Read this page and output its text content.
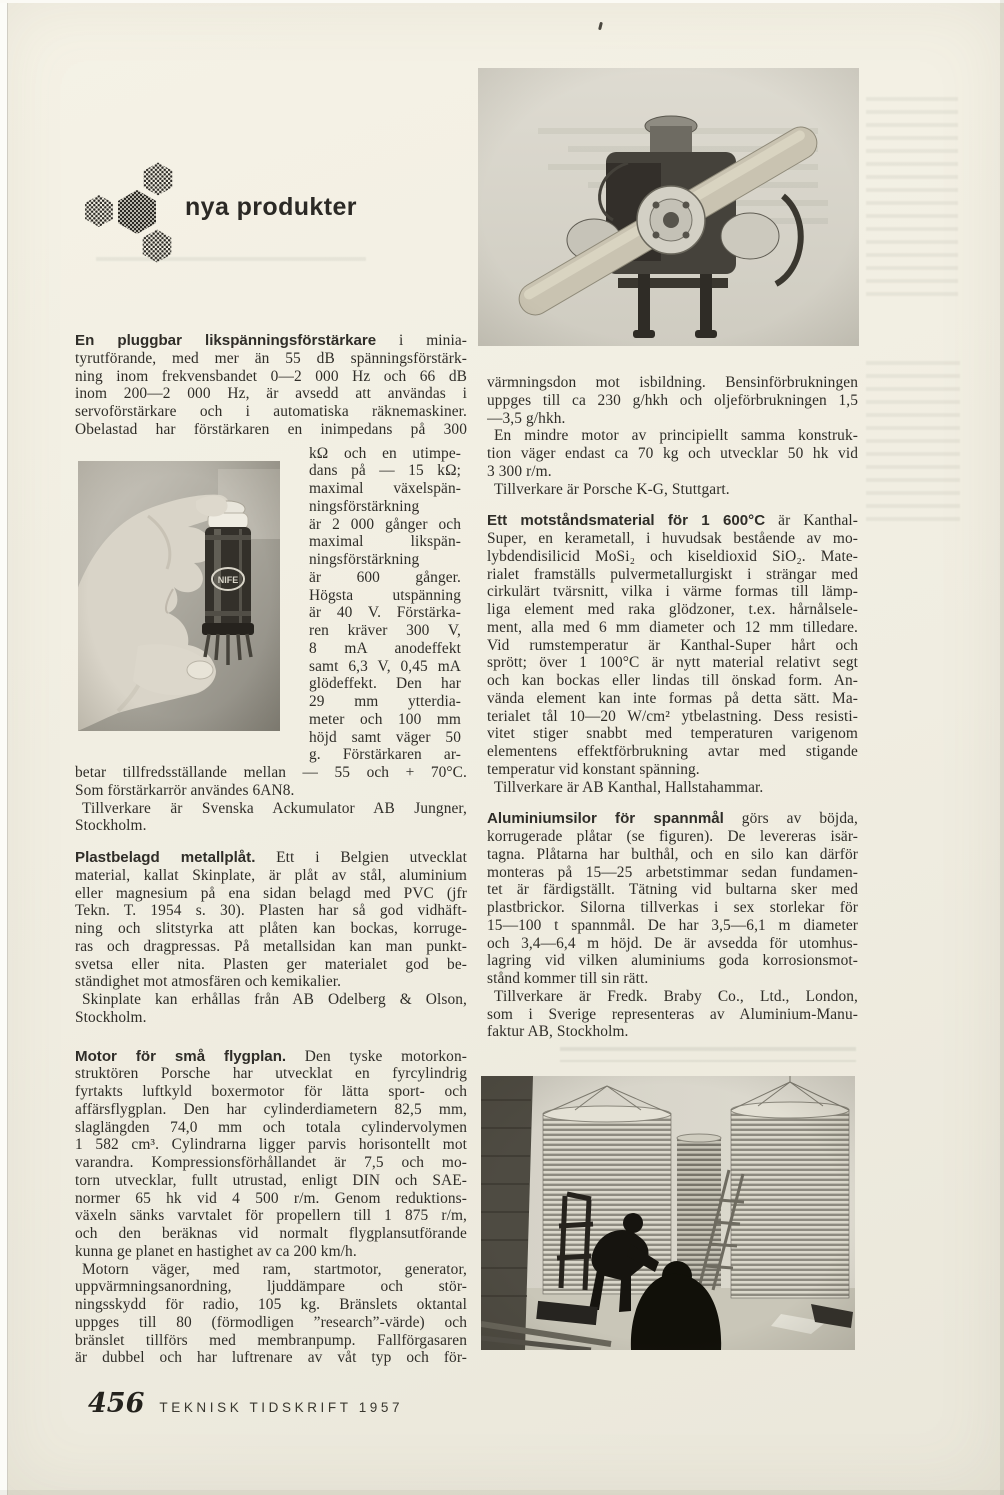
nya produkter
En pluggbar likspänningsförstärkare i minia-
tyrutförande, med mer än 55 dB spänningsförstärk-
ning inom frekvensbandet 0—2 000 Hz och 66 dB
inom 200—2 000 Hz, är avsedd att användas i
servoförstärkare och i automatiska räknemaskiner.
Obelastad har förstärkaren en inimpedans på 300
kΩ och en utimpe-
dans på — 15 kΩ;
maximal växelspän-
ningsförstärkning
är 2 000 gånger och
maximal likspän-
ningsförstärkning
är 600 gånger.
Högsta utspänning
är 40 V. Förstärka-
ren kräver 300 V,
8 mA anodeffekt
samt 6,3 V, 0,45 mA
glödeffekt. Den har
29 mm ytterdia-
meter och 100 mm
höjd samt väger 50
g. Förstärkaren ar-
betar tillfredsställande mellan — 55 och + 70°C.
Som förstärkarrör användes 6AN8.
Tillverkare är Svenska Ackumulator AB Jungner,
Stockholm.
Plastbelagd metallplåt. Ett i Belgien utvecklat
material, kallat Skinplate, är plåt av stål, aluminium
eller magnesium på ena sidan belagd med PVC (jfr
Tekn. T. 1954 s. 30). Plasten har så god vidhäft-
ning och slitstyrka att plåten kan bockas, korruge-
ras och dragpressas. På metallsidan kan man punkt-
svetsa eller nita. Plasten ger materialet god be-
ständighet mot atmosfären och kemikalier.
Skinplate kan erhållas från AB Odelberg & Olson,
Stockholm.
Motor för små flygplan. Den tyske motorkon-
struktören Porsche har utvecklat en fyrcylindrig
fyrtakts luftkyld boxermotor för lätta sport- och
affärsflygplan. Den har cylinderdiametern 82,5 mm,
slaglängden 74,0 mm och totala cylindervolymen
1 582 cm³. Cylindrarna ligger parvis horisontellt mot
varandra. Kompressionsförhållandet är 7,5 och mo-
torn utvecklar, fullt utrustad, enligt DIN och SAE-
normer 65 hk vid 4 500 r/m. Genom reduktions-
växeln sänks varvtalet för propellern till 1 875 r/m,
och den beräknas vid normalt flygplansutförande
kunna ge planet en hastighet av ca 200 km/h.
Motorn väger, med ram, startmotor, generator,
uppvärmningsanordning, ljuddämpare och stör-
ningsskydd för radio, 105 kg. Bränslets oktantal
uppges till 80 (förmodligen ”research”-värde) och
bränslet tillförs med membranpump. Fallförgasaren
är dubbel och har luftrenare av våt typ och för-
värmningsdon mot isbildning. Bensinförbrukningen
uppges till ca 230 g/hkh och oljeförbrukningen 1,5
—3,5 g/hkh.
En mindre motor av principiellt samma konstruk-
tion väger endast ca 70 kg och utvecklar 50 hk vid
3 300 r/m.
Tillverkare är Porsche K-G, Stuttgart.
Ett motståndsmaterial för 1 600°C är Kanthal-
Super, en kerametall, i huvudsak bestående av mo-
lybdendisilicid MoSi₂ och kiseldioxid SiO₂. Mate-
rialet framställs pulvermetallurgiskt i strängar med
cirkulärt tvärsnitt, vilka i värme formas till lämp-
liga element med raka glödzoner, t.ex. hårnålsele-
ment, alla med 6 mm diameter och 12 mm tilledare.
Vid rumstemperatur är Kanthal-Super hårt och
sprött; över 1 100°C är nytt material relativt segt
och kan bockas eller lindas till önskad form. An-
vända element kan inte formas på detta sätt. Ma-
terialet tål 10—20 W/cm² ytbelastning. Dess resisti-
vitet stiger snabbt med temperaturen varigenom
elementens effektförbrukning avtar med stigande
temperatur vid konstant spänning.
Tillverkare är AB Kanthal, Hallstahammar.
Aluminiumsilor för spannmål görs av böjda,
korrugerade plåtar (se figuren). De levereras isär-
tagna. Plåtarna har bulthål, och en silo kan därför
monteras på 15—25 arbetstimmar sedan fundamen-
tet är färdigställt. Tätning vid bultarna sker med
plastbrickor. Silorna tillverkas i sex storlekar för
15—100 t spannmål. De har 3,5—6,1 m diameter
och 3,4—6,4 m höjd. De är avsedda för utomhus-
lagring vid vilken aluminiums goda korrosionsmot-
stånd kommer till sin rätt.
Tillverkare är Fredk. Braby Co., Ltd., London,
som i Sverige representeras av Aluminium-Manu-
faktur AB, Stockholm.
456 TEKNISK TIDSKRIFT 1957
